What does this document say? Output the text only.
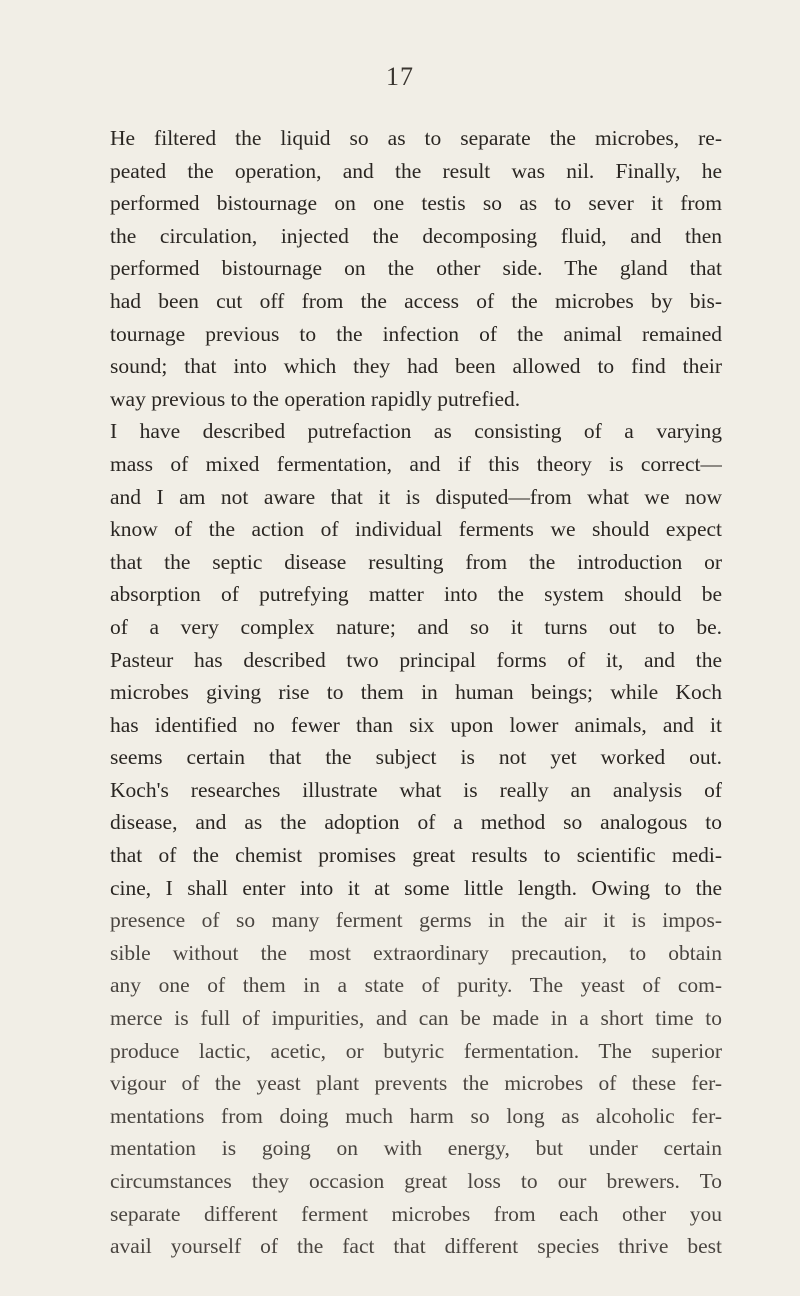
17
He filtered the liquid so as to separate the microbes, re-
peated the operation, and the result was nil. Finally, he
performed bistournage on one testis so as to sever it from
the circulation, injected the decomposing fluid, and then
performed bistournage on the other side. The gland that
had been cut off from the access of the microbes by bis-
tournage previous to the infection of the animal remained
sound; that into which they had been allowed to find their
way previous to the operation rapidly putrefied.
I have described putrefaction as consisting of a varying
mass of mixed fermentation, and if this theory is correct—
and I am not aware that it is disputed—from what we now
know of the action of individual ferments we should expect
that the septic disease resulting from the introduction or
absorption of putrefying matter into the system should be
of a very complex nature; and so it turns out to be.
Pasteur has described two principal forms of it, and the
microbes giving rise to them in human beings; while Koch
has identified no fewer than six upon lower animals, and it
seems certain that the subject is not yet worked out.
Koch's researches illustrate what is really an analysis of
disease, and as the adoption of a method so analogous to
that of the chemist promises great results to scientific medi-
cine, I shall enter into it at some little length. Owing to the
presence of so many ferment germs in the air it is impos-
sible without the most extraordinary precaution, to obtain
any one of them in a state of purity. The yeast of com-
merce is full of impurities, and can be made in a short time to
produce lactic, acetic, or butyric fermentation. The superior
vigour of the yeast plant prevents the microbes of these fer-
mentations from doing much harm so long as alcoholic fer-
mentation is going on with energy, but under certain
circumstances they occasion great loss to our brewers. To
separate different ferment microbes from each other you
avail yourself of the fact that different species thrive best
